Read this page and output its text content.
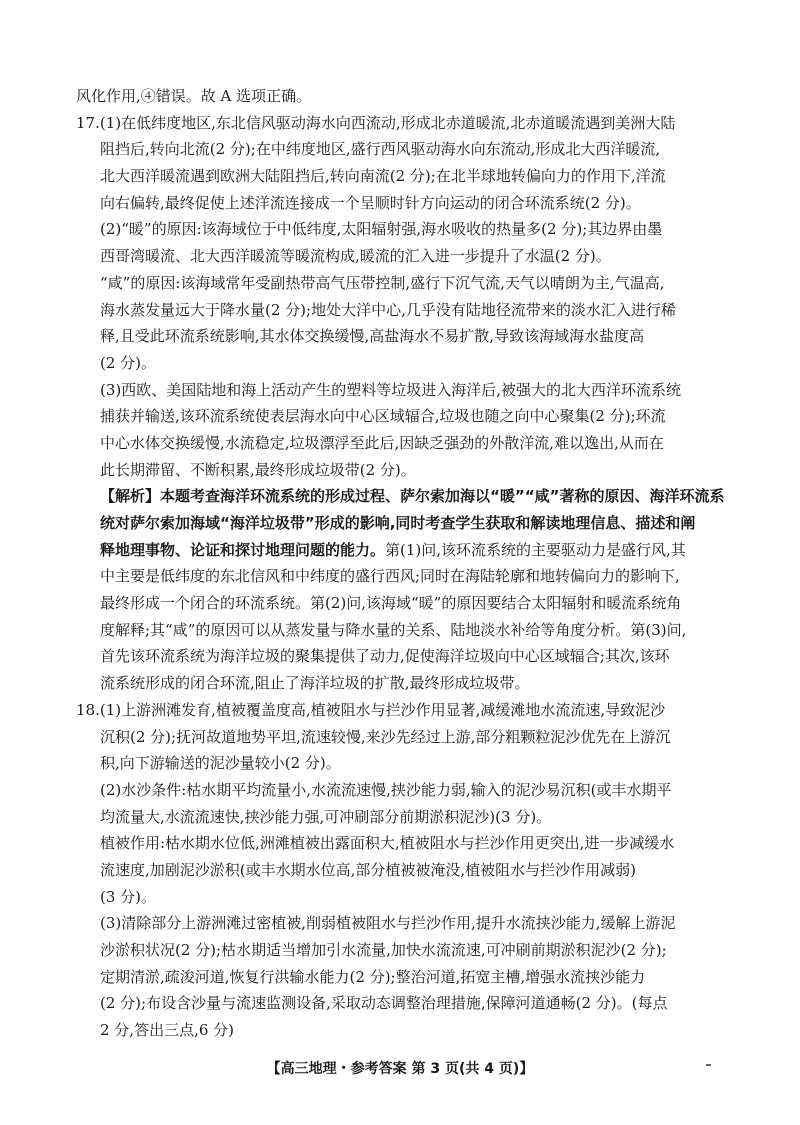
风化作用,④错误。故 A 选项正确。
17.(1)在低纬度地区,东北信风驱动海水向西流动,形成北赤道暖流,北赤道暖流遇到美洲大陆
阻挡后,转向北流(2 分);在中纬度地区,盛行西风驱动海水向东流动,形成北大西洋暖流,
北大西洋暖流遇到欧洲大陆阻挡后,转向南流(2 分);在北半球地转偏向力的作用下,洋流
向右偏转,最终促使上述洋流连接成一个呈顺时针方向运动的闭合环流系统(2 分)。
(2)“暖”的原因:该海域位于中低纬度,太阳辐射强,海水吸收的热量多(2 分);其边界由墨
西哥湾暖流、北大西洋暖流等暖流构成,暖流的汇入进一步提升了水温(2 分)。
“咸”的原因:该海域常年受副热带高气压带控制,盛行下沉气流,天气以晴朗为主,气温高,
海水蒸发量远大于降水量(2 分);地处大洋中心,几乎没有陆地径流带来的淡水汇入进行稀
释,且受此环流系统影响,其水体交换缓慢,高盐海水不易扩散,导致该海域海水盐度高
(2 分)。
(3)西欧、美国陆地和海上活动产生的塑料等垃圾进入海洋后,被强大的北大西洋环流系统
捕获并输送,该环流系统使表层海水向中心区域辐合,垃圾也随之向中心聚集(2 分);环流
中心水体交换缓慢,水流稳定,垃圾漂浮至此后,因缺乏强劲的外散洋流,难以逸出,从而在
此长期滞留、不断积累,最终形成垃圾带(2 分)。
【解析】本题考查海洋环流系统的形成过程、萨尔索加海以“暖”“咸”著称的原因、海洋环流系
统对萨尔索加海域“海洋垃圾带”形成的影响,同时考查学生获取和解读地理信息、描述和阐
释地理事物、论证和探讨地理问题的能力。第(1)问,该环流系统的主要驱动力是盛行风,其
中主要是低纬度的东北信风和中纬度的盛行西风;同时在海陆轮廓和地转偏向力的影响下,
最终形成一个闭合的环流系统。第(2)问,该海域“暖”的原因要结合太阳辐射和暖流系统角
度解释;其“咸”的原因可以从蒸发量与降水量的关系、陆地淡水补给等角度分析。第(3)问,
首先该环流系统为海洋垃圾的聚集提供了动力,促使海洋垃圾向中心区域辐合;其次,该环
流系统形成的闭合环流,阻止了海洋垃圾的扩散,最终形成垃圾带。
18.(1)上游洲滩发育,植被覆盖度高,植被阻水与拦沙作用显著,减缓滩地水流流速,导致泥沙
沉积(2 分);抚河故道地势平坦,流速较慢,来沙先经过上游,部分粗颗粒泥沙优先在上游沉
积,向下游输送的泥沙量较小(2 分)。
(2)水沙条件:枯水期平均流量小,水流流速慢,挟沙能力弱,输入的泥沙易沉积(或丰水期平
均流量大,水流流速快,挟沙能力强,可冲刷部分前期淤积泥沙)(3 分)。
植被作用:枯水期水位低,洲滩植被出露面积大,植被阻水与拦沙作用更突出,进一步减缓水
流速度,加剧泥沙淤积(或丰水期水位高,部分植被被淹没,植被阻水与拦沙作用减弱)
(3 分)。
(3)清除部分上游洲滩过密植被,削弱植被阻水与拦沙作用,提升水流挟沙能力,缓解上游泥
沙淤积状况(2 分);枯水期适当增加引水流量,加快水流流速,可冲刷前期淤积泥沙(2 分);
定期清淤,疏浚河道,恢复行洪输水能力(2 分);整治河道,拓宽主槽,增强水流挟沙能力
(2 分);布设含沙量与流速监测设备,采取动态调整治理措施,保障河道通畅(2 分)。(每点
2 分,答出三点,6 分)
【高三地理・参考答案 第 3 页(共 4 页)】
